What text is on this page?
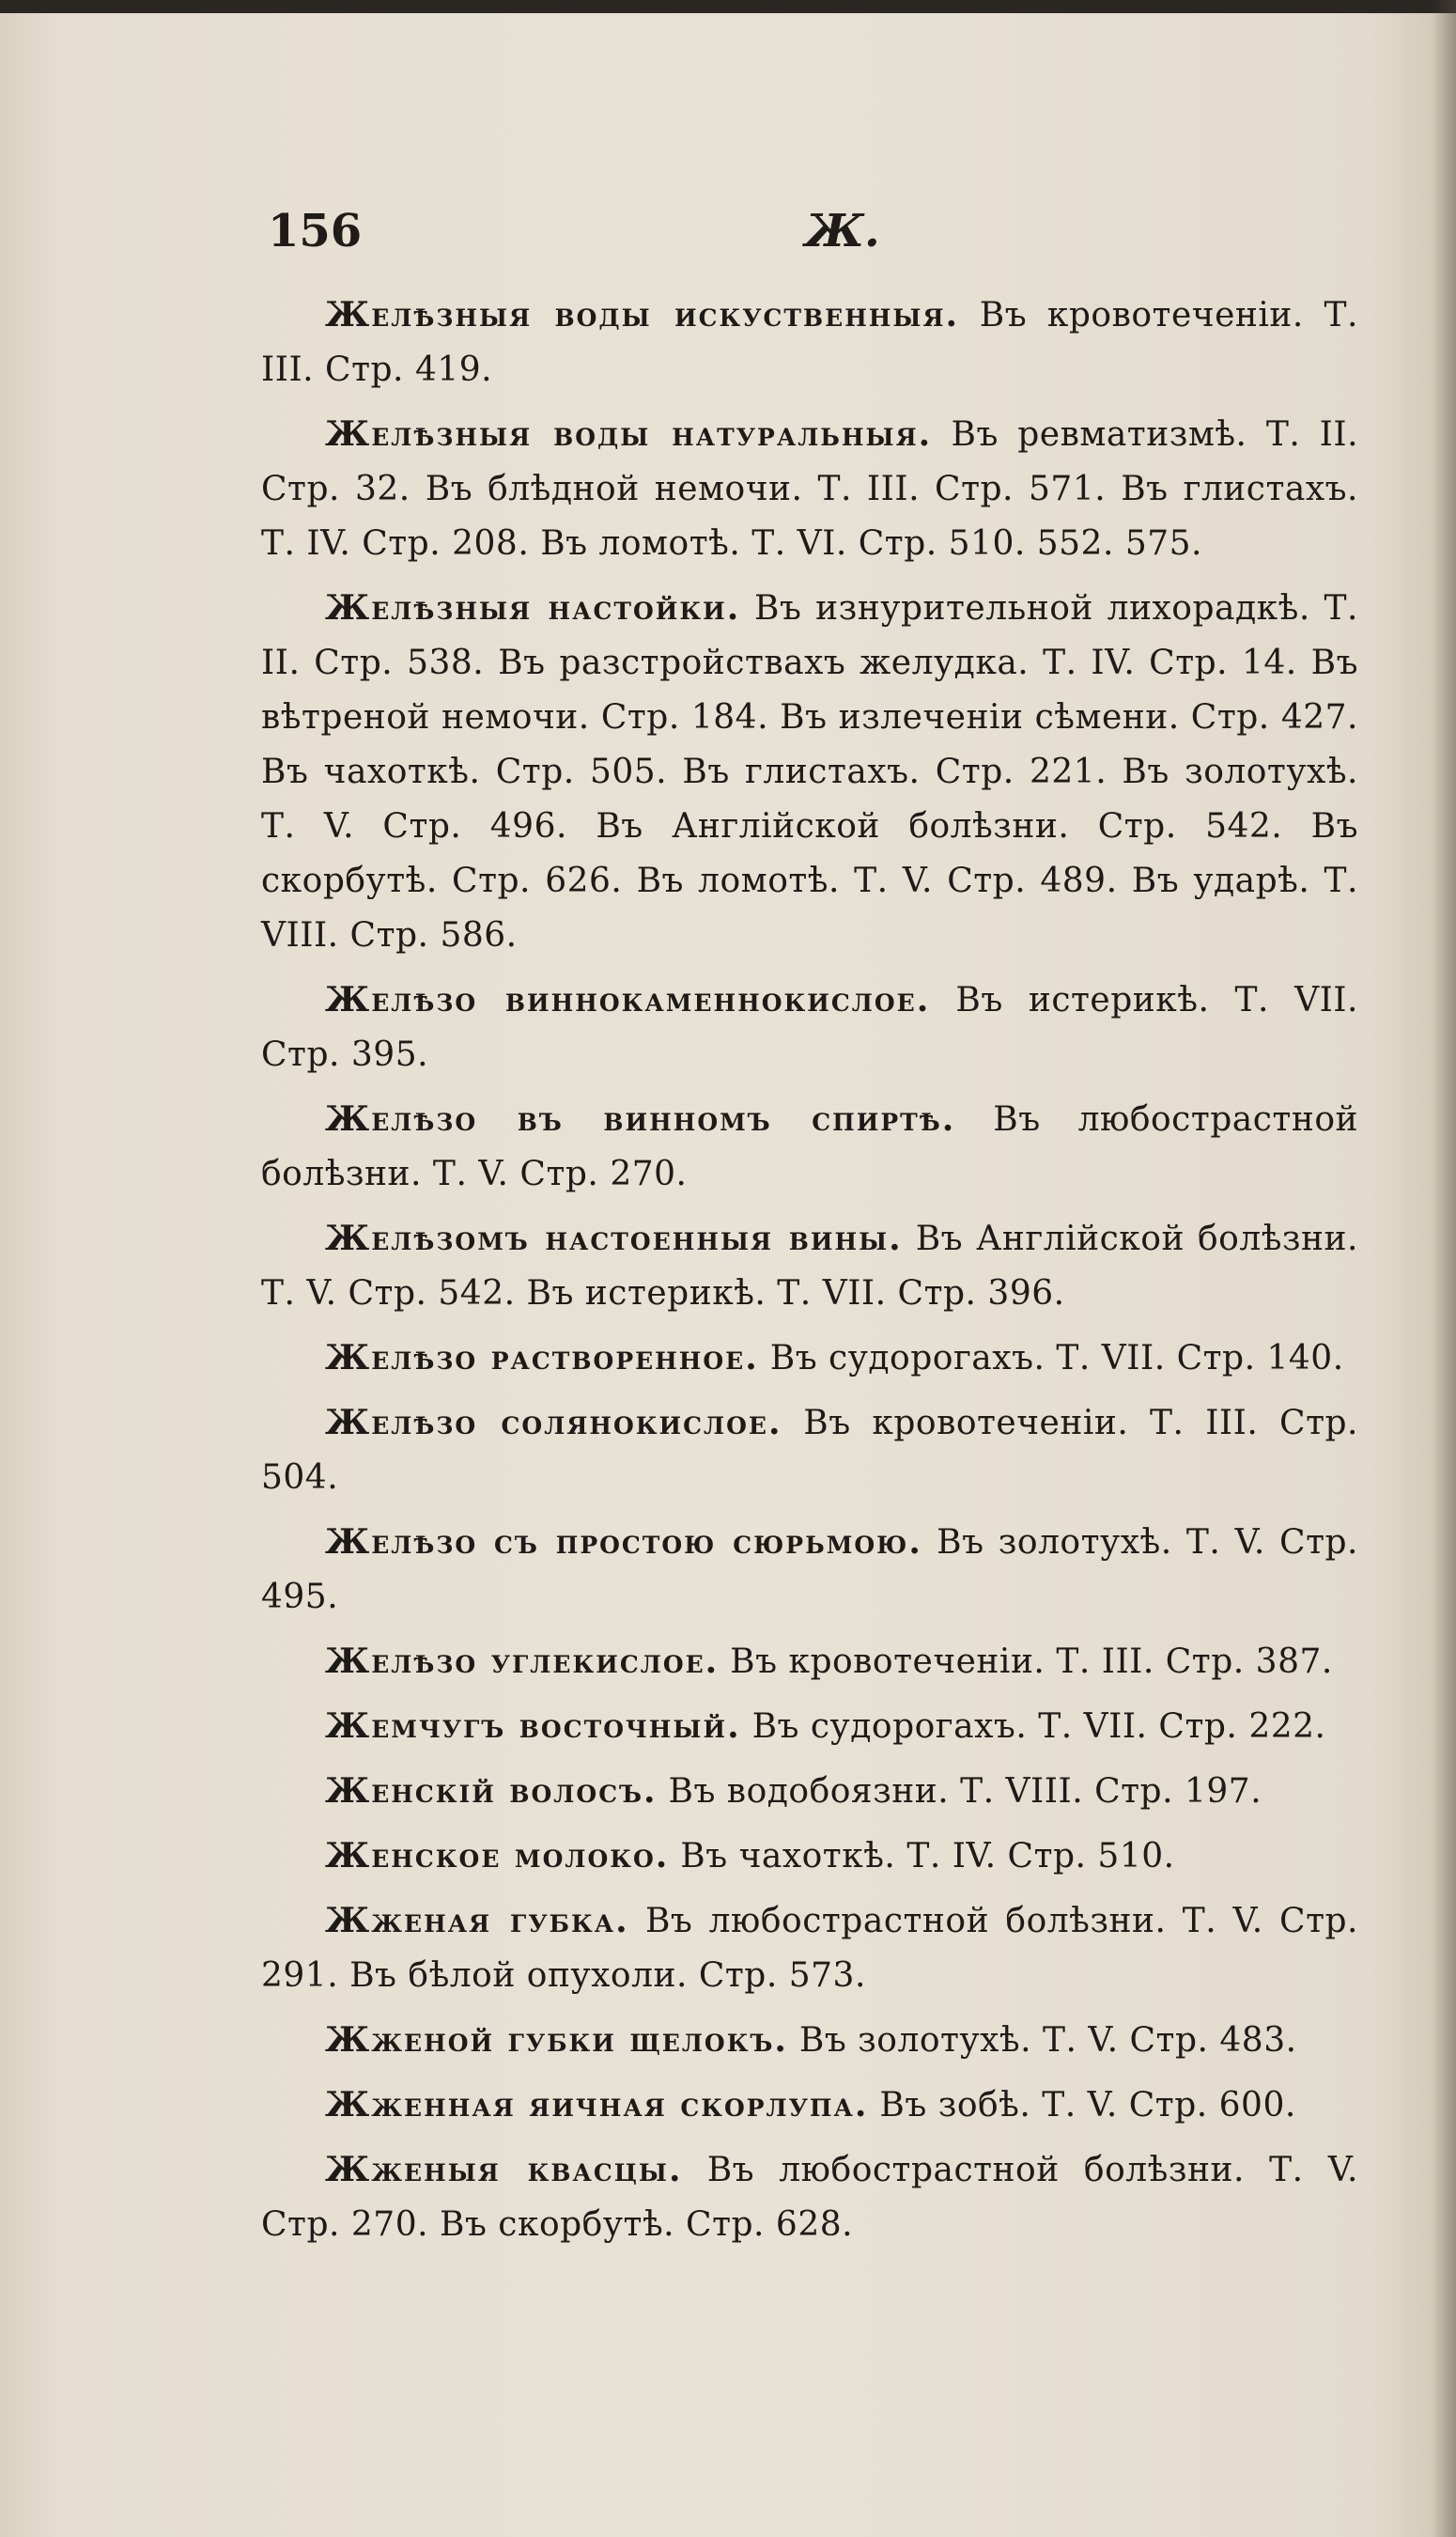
156	Ж.

Желѣзныя воды искуственныя. Въ кровотеченіи. Т. III. Стр. 419.

Желѣзныя воды натуральныя. Въ ревматизмѣ. Т. II. Стр. 32. Въ блѣдной немочи. Т. III. Стр. 571. Въ глистахъ. Т. IV. Стр. 208. Въ ломотѣ. Т. VI. Стр. 510. 552. 575.

Желѣзныя настойки. Въ изнурительной лихорадкѣ. Т. II. Стр. 538. Въ разстройствахъ желудка. Т. IV. Стр. 14. Въ вѣтреной немочи. Стр. 184. Въ излеченіи сѣмени. Стр. 427. Въ чахоткѣ. Стр. 505. Въ глистахъ. Стр. 221. Въ золотухѣ. Т. V. Стр. 496. Въ Англійской болѣзни. Стр. 542. Въ скорбутѣ. Стр. 626. Въ ломотѣ. Т. V. Стр. 489. Въ ударѣ. Т. VIII. Стр. 586.

Желѣзо виннокаменнокислое. Въ истерикѣ. Т. VII. Стр. 395.

Желѣзо въ винномъ спиртѣ. Въ любострастной болѣзни. Т. V. Стр. 270.

Желѣзомъ настоенныя вины. Въ Англійской болѣзни. Т. V. Стр. 542. Въ истерикѣ. Т. VII. Стр. 396.

Желѣзо растворенное. Въ судорогахъ. Т. VII. Стр. 140.

Желѣзо солянокислое. Въ кровотеченіи. Т. III. Стр. 504.

Желѣзо съ простою сюрьмою. Въ золотухѣ. Т. V. Стр. 495.

Желѣзо углекислое. Въ кровотеченіи. Т. III. Стр. 387.

Жемчугъ восточный. Въ судорогахъ. Т. VII. Стр. 222.

Женскій волосъ. Въ водобоязни. Т. VIII. Стр. 197.

Женское молоко. Въ чахоткѣ. Т. IV. Стр. 510.

Жженая губка. Въ любострастной болѣзни. Т. V. Стр. 291. Въ бѣлой опухоли. Стр. 573.

Жженой губки щелокъ. Въ золотухѣ. Т. V. Стр. 483.

Жженная яичная скорлупа. Въ зобѣ. Т. V. Стр. 600.

Жженыя квасцы. Въ любострастной болѣзни. Т. V. Стр. 270. Въ скорбутѣ. Стр. 628.
